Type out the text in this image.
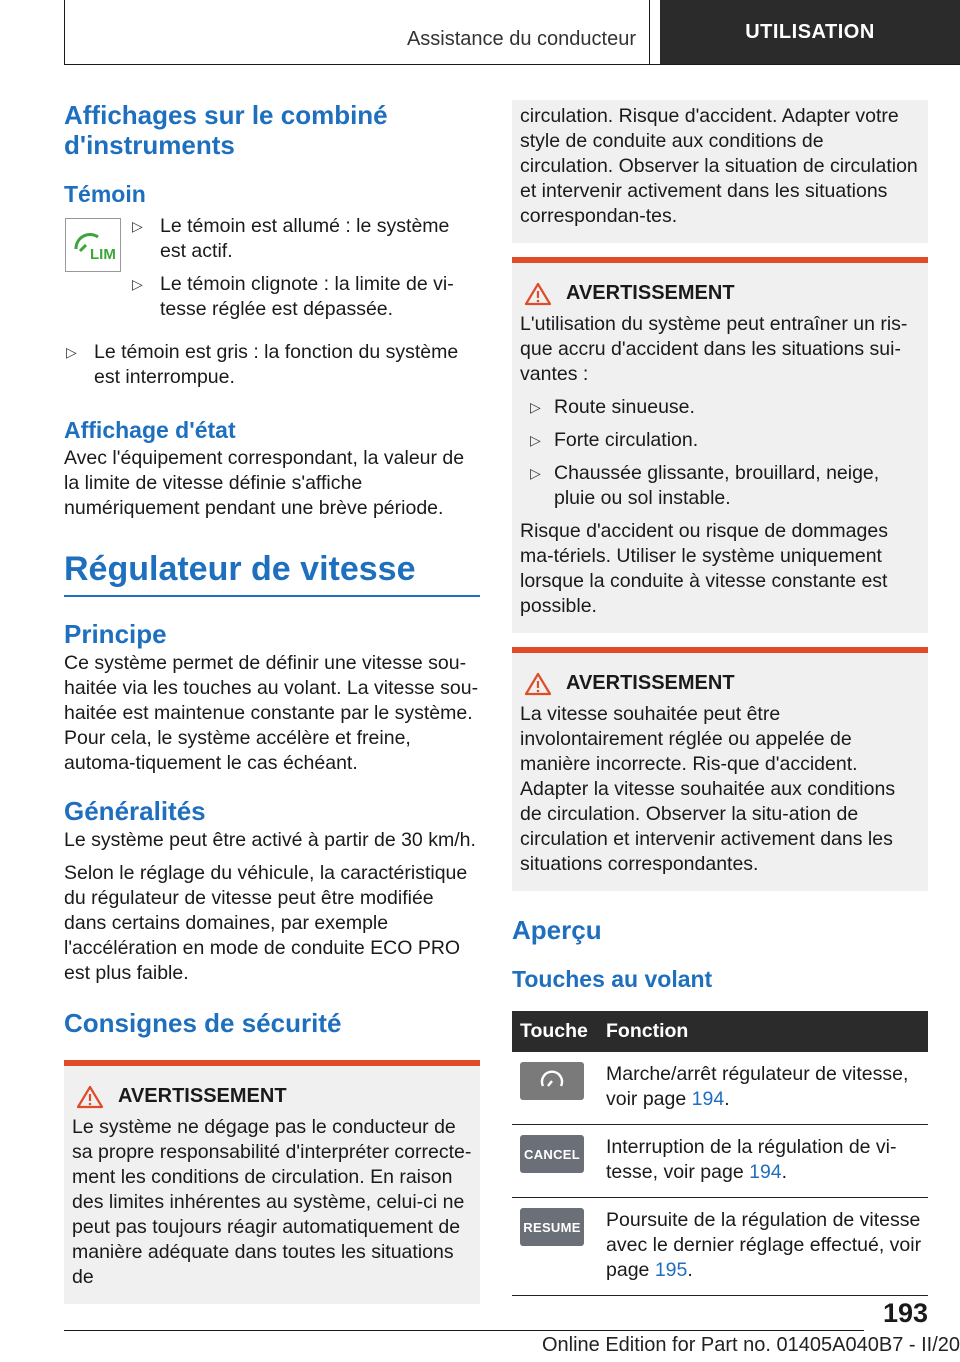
Assistance du conducteur	UTILISATION
Affichages sur le combiné d'instruments
Témoin
LIM
▷ Le témoin est allumé : le système est actif.
▷ Le témoin clignote : la limite de vi-tesse réglée est dépassée.
▷ Le témoin est gris : la fonction du système est interrompue.
Affichage d'état

Avec l'équipement correspondant, la valeur de la limite de vitesse définie s'affiche numériquement pendant une brève période.

Régulateur de vitesse
Principe

Ce système permet de définir une vitesse sou-haitée via les touches au volant. La vitesse sou-haitée est maintenue constante par le système. Pour cela, le système accélère et freine, automa-tiquement le cas échéant.

Généralités

Le système peut être activé à partir de 30 km/h.

Selon le réglage du véhicule, la caractéristique du régulateur de vitesse peut être modifiée dans certains domaines, par exemple l'accélération en mode de conduite ECO PRO est plus faible.

Consignes de sécurité
AVERTISSEMENT

Le système ne dégage pas le conducteur de sa propre responsabilité d'interpréter correcte-ment les conditions de circulation. En raison des limites inhérentes au système, celui-ci ne peut pas toujours réagir automatiquement de manière adéquate dans toutes les situations de

circulation. Risque d'accident. Adapter votre style de conduite aux conditions de circulation. Observer la situation de circulation et intervenir activement dans les situations correspondan-tes.

AVERTISSEMENT

L'utilisation du système peut entraîner un ris-que accru d'accident dans les situations sui-vantes :

▷ Route sinueuse.
▷ Forte circulation.
▷ Chaussée glissante, brouillard, neige, pluie ou sol instable.

Risque d'accident ou risque de dommages ma-tériels. Utiliser le système uniquement lorsque la conduite à vitesse constante est possible.

AVERTISSEMENT

La vitesse souhaitée peut être involontairement réglée ou appelée de manière incorrecte. Ris-que d'accident. Adapter la vitesse souhaitée aux conditions de circulation. Observer la situ-ation de circulation et intervenir activement dans les situations correspondantes.

Aperçu
Touches au volant
Touche	Fonction

	Marche/arrêt régulateur de vitesse, voir page 194.

CANCEL	Interruption de la régulation de vi-tesse, voir page 194.

RESUME	Poursuite de la régulation de vitesse avec le dernier réglage effectué, voir page 195.
193
Online Edition for Part no. 01405A040B7 - II/20
